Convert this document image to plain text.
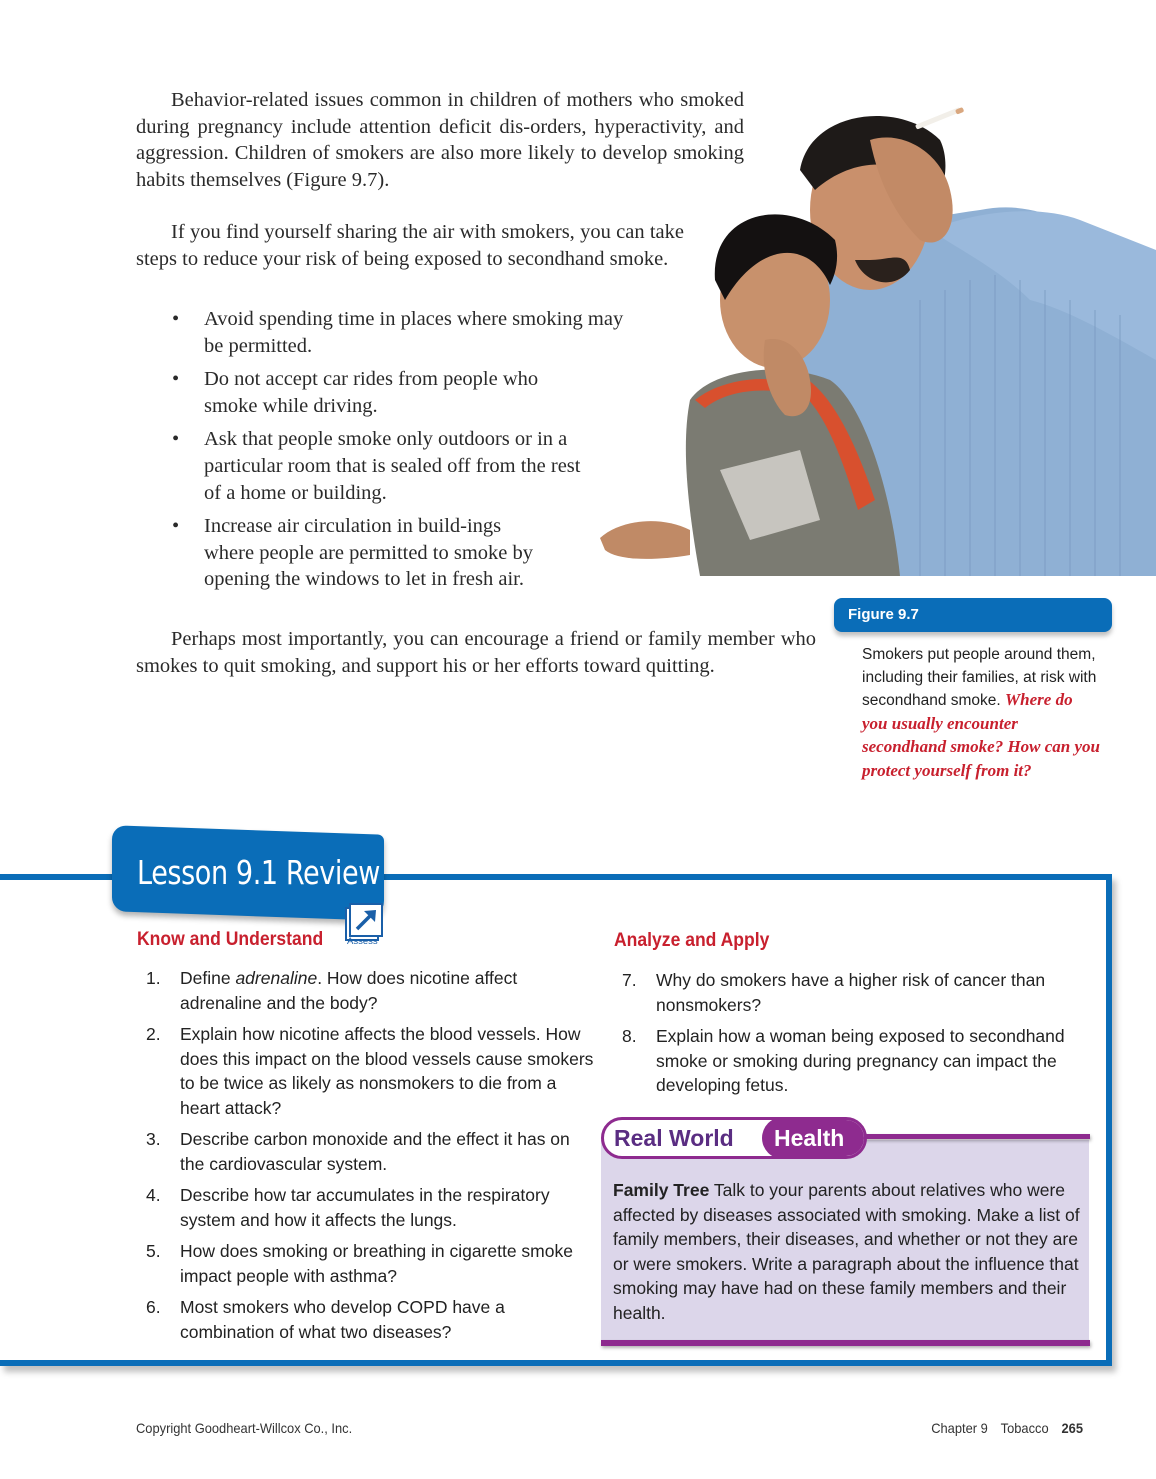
Behavior-related issues common in children of mothers who smoked during pregnancy include attention deficit dis-orders, hyperactivity, and aggression. Children of smokers are also more likely to develop smoking habits themselves (Figure 9.7).

If you find yourself sharing the air with smokers, you can take steps to reduce your risk of being exposed to secondhand smoke.

• Avoid spending time in places where smoking may be permitted.
• Do not accept car rides from people who smoke while driving.
• Ask that people smoke only outdoors or in a particular room that is sealed off from the rest of a home or building.
• Increase air circulation in build-ings where people are permitted to smoke by opening the windows to let in fresh air.

Perhaps most importantly, you can encourage a friend or family member who smokes to quit smoking, and support his or her efforts toward quitting.

Figure 9.7
Smokers put people around them, including their families, at risk with secondhand smoke. Where do you usually encounter secondhand smoke? How can you protect yourself from it?
Lesson 9.1 Review
Know and Understand	Assess
1. Define adrenaline. How does nicotine affect adrenaline and the body?
2. Explain how nicotine affects the blood vessels. How does this impact on the blood vessels cause smokers to be twice as likely as nonsmokers to die from a heart attack?
3. Describe carbon monoxide and the effect it has on the cardiovascular system.
4. Describe how tar accumulates in the respiratory system and how it affects the lungs.
5. How does smoking or breathing in cigarette smoke impact people with asthma?
6. Most smokers who develop COPD have a combination of what two diseases?
Analyze and Apply
7. Why do smokers have a higher risk of cancer than nonsmokers?
8. Explain how a woman being exposed to secondhand smoke or smoking during pregnancy can impact the developing fetus.
Real World Health
Family Tree Talk to your parents about relatives who were affected by diseases associated with smoking. Make a list of family members, their diseases, and whether or not they are or were smokers. Write a paragraph about the influence that smoking may have had on these family members and their health.
Copyright Goodheart-Willcox Co., Inc.	Chapter 9 Tobacco 265
